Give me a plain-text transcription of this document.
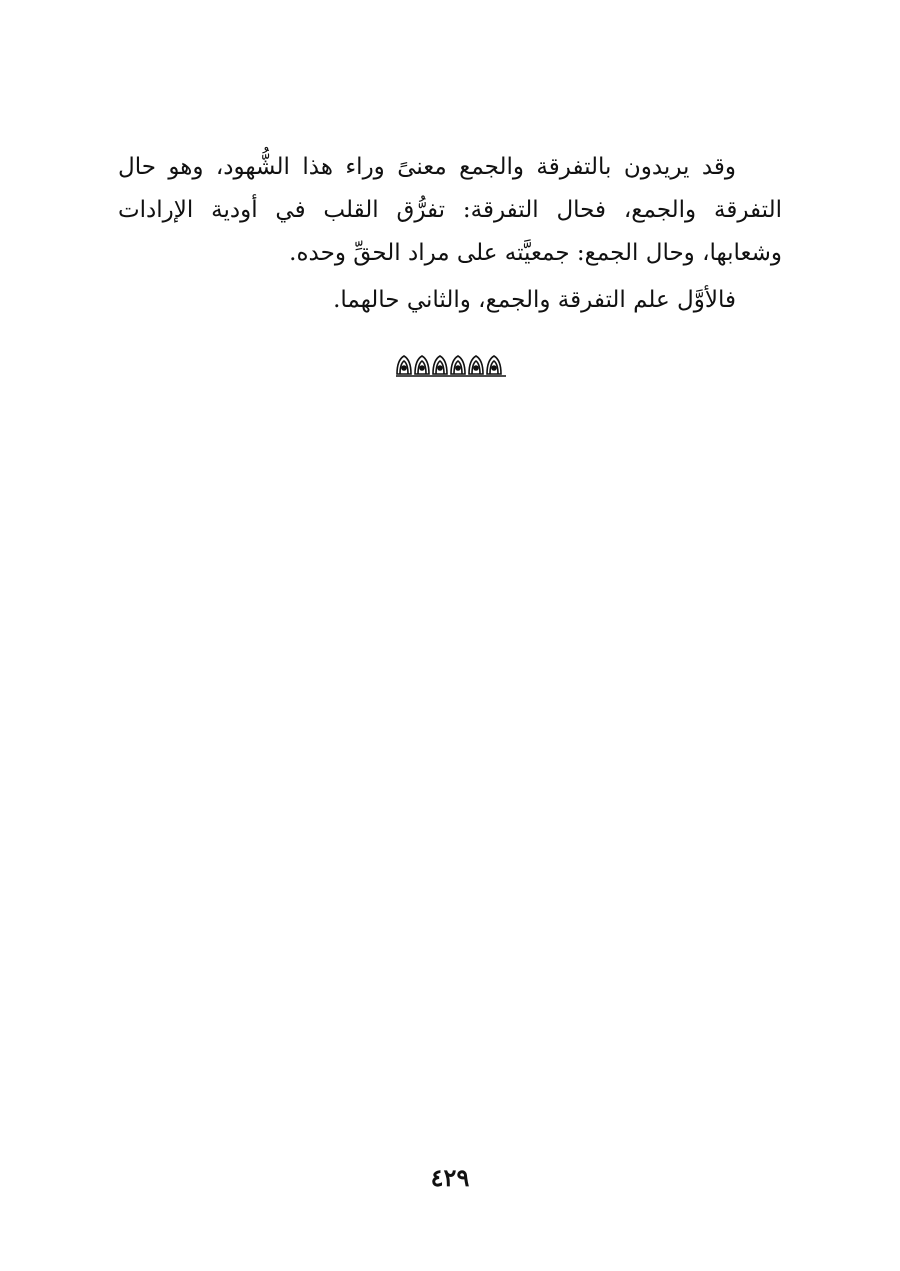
وقد يريدون بالتفرقة والجمع معنىً وراء هذا الشُّهود، وهو حال التفرقة والجمع، فحال التفرقة: تفرُّق القلب في أودية الإرادات وشعابها، وحال الجمع: جمعيَّته على مراد الحقِّ وحده.

فالأوَّل علم التفرقة والجمع، والثاني حالهما.

٤٢٩
